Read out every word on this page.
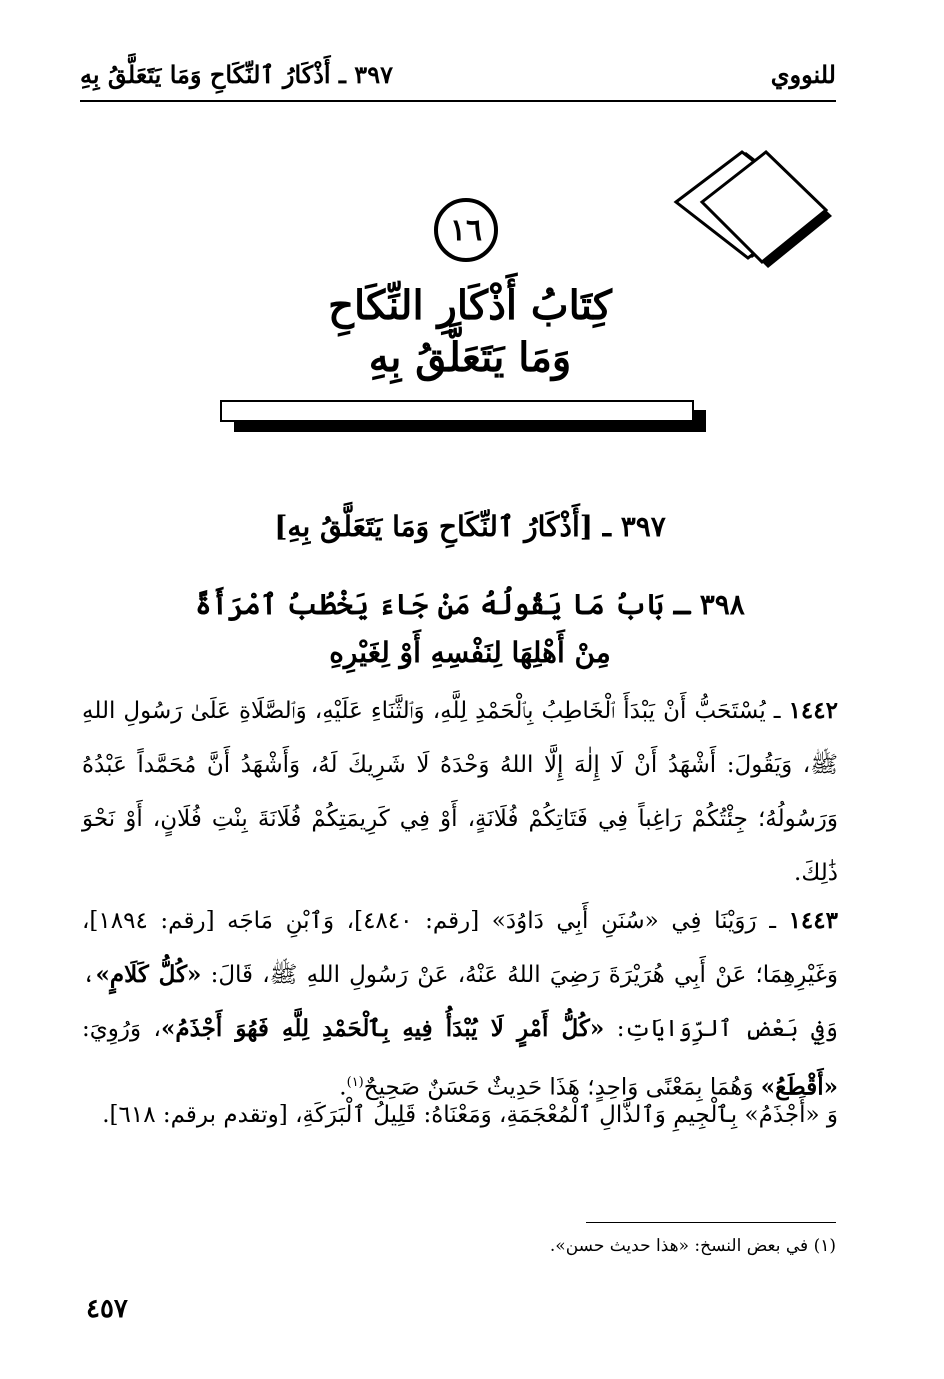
للنووي
٣٩٧ ـ أَذْكَارُ ٱلنِّكَاحِ وَمَا يَتَعَلَّقُ بِهِ
١٦
كِتَابُ أَذْكَارِ النِّكَاحِ
وَمَا يَتَعَلَّقُ بِهِ
٣٩٧ ـ [أَذْكَارُ ٱلنِّكَاحِ وَمَا يَتَعَلَّقُ بِهِ]
٣٩٨ ـ بَابُ مَا يَقُولُهُ مَنْ جَاءَ يَخْطُبُ ٱمْرَأَةً
مِنْ أَهْلِهَا لِنَفْسِهِ أَوْ لِغَيْرِهِ
١٤٤٢ ـ يُسْتَحَبُّ أَنْ يَبْدَأَ ٱلْخَاطِبُ بِٱلْحَمْدِ لِلَّهِ، وَٱلثَّنَاءِ عَلَيْهِ، وَٱلصَّلَاةِ عَلَىٰ رَسُولِ اللهِ ﷺ، وَيَقُولَ: أَشْهَدُ أَنْ لَا إِلٰهَ إِلَّا اللهُ وَحْدَهُ لَا شَرِيكَ لَهُ، وَأَشْهَدُ أَنَّ مُحَمَّداً عَبْدُهُ وَرَسُولُهُ؛ جِئْتُكُمْ رَاغِباً فِي فَتَاتِكُمْ فُلَانَةٍ، أَوْ فِي كَرِيمَتِكُمْ فُلَانَةَ بِنْتِ فُلَانٍ، أَوْ نَحْوَ ذَٰلِكَ.
١٤٤٣ ـ رَوَيْنَا فِي «سُنَنِ أَبِي دَاوُدَ» [رقم: ٤٨٤٠]، وَٱبْنِ مَاجَه [رقم: ١٨٩٤]، وَغَيْرِهِمَا؛ عَنْ أَبِي هُرَيْرَةَ رَضِيَ اللهُ عَنْهُ، عَنْ رَسُولِ اللهِ ﷺ، قَالَ: «كُلُّ كَلَامٍ»، وَفِي بَعْضِ ٱلرِّوَايَاتِ: «كُلُّ أَمْرٍ لَا يُبْدَأُ فِيهِ بِٱلْحَمْدِ لِلَّهِ فَهُوَ أَجْذَمُ»، وَرُوِيَ: «أَقْطَعُ» وَهُمَا بِمَعْنًى وَاحِدٍ؛ هَذَا حَدِيثٌ حَسَنٌ صَحِيحٌ$^{(١)}$.
وَ «أَجْذَمُ» بِٱلْجِيمِ وَٱلذَّالِ ٱلْمُعْجَمَةِ، وَمَعْنَاهُ: قَلِيلُ ٱلْبَرَكَةِ، [وتقدم برقم: ٦١٨].
(١) في بعض النسخ: «هذا حديث حسن».
٤٥٧
